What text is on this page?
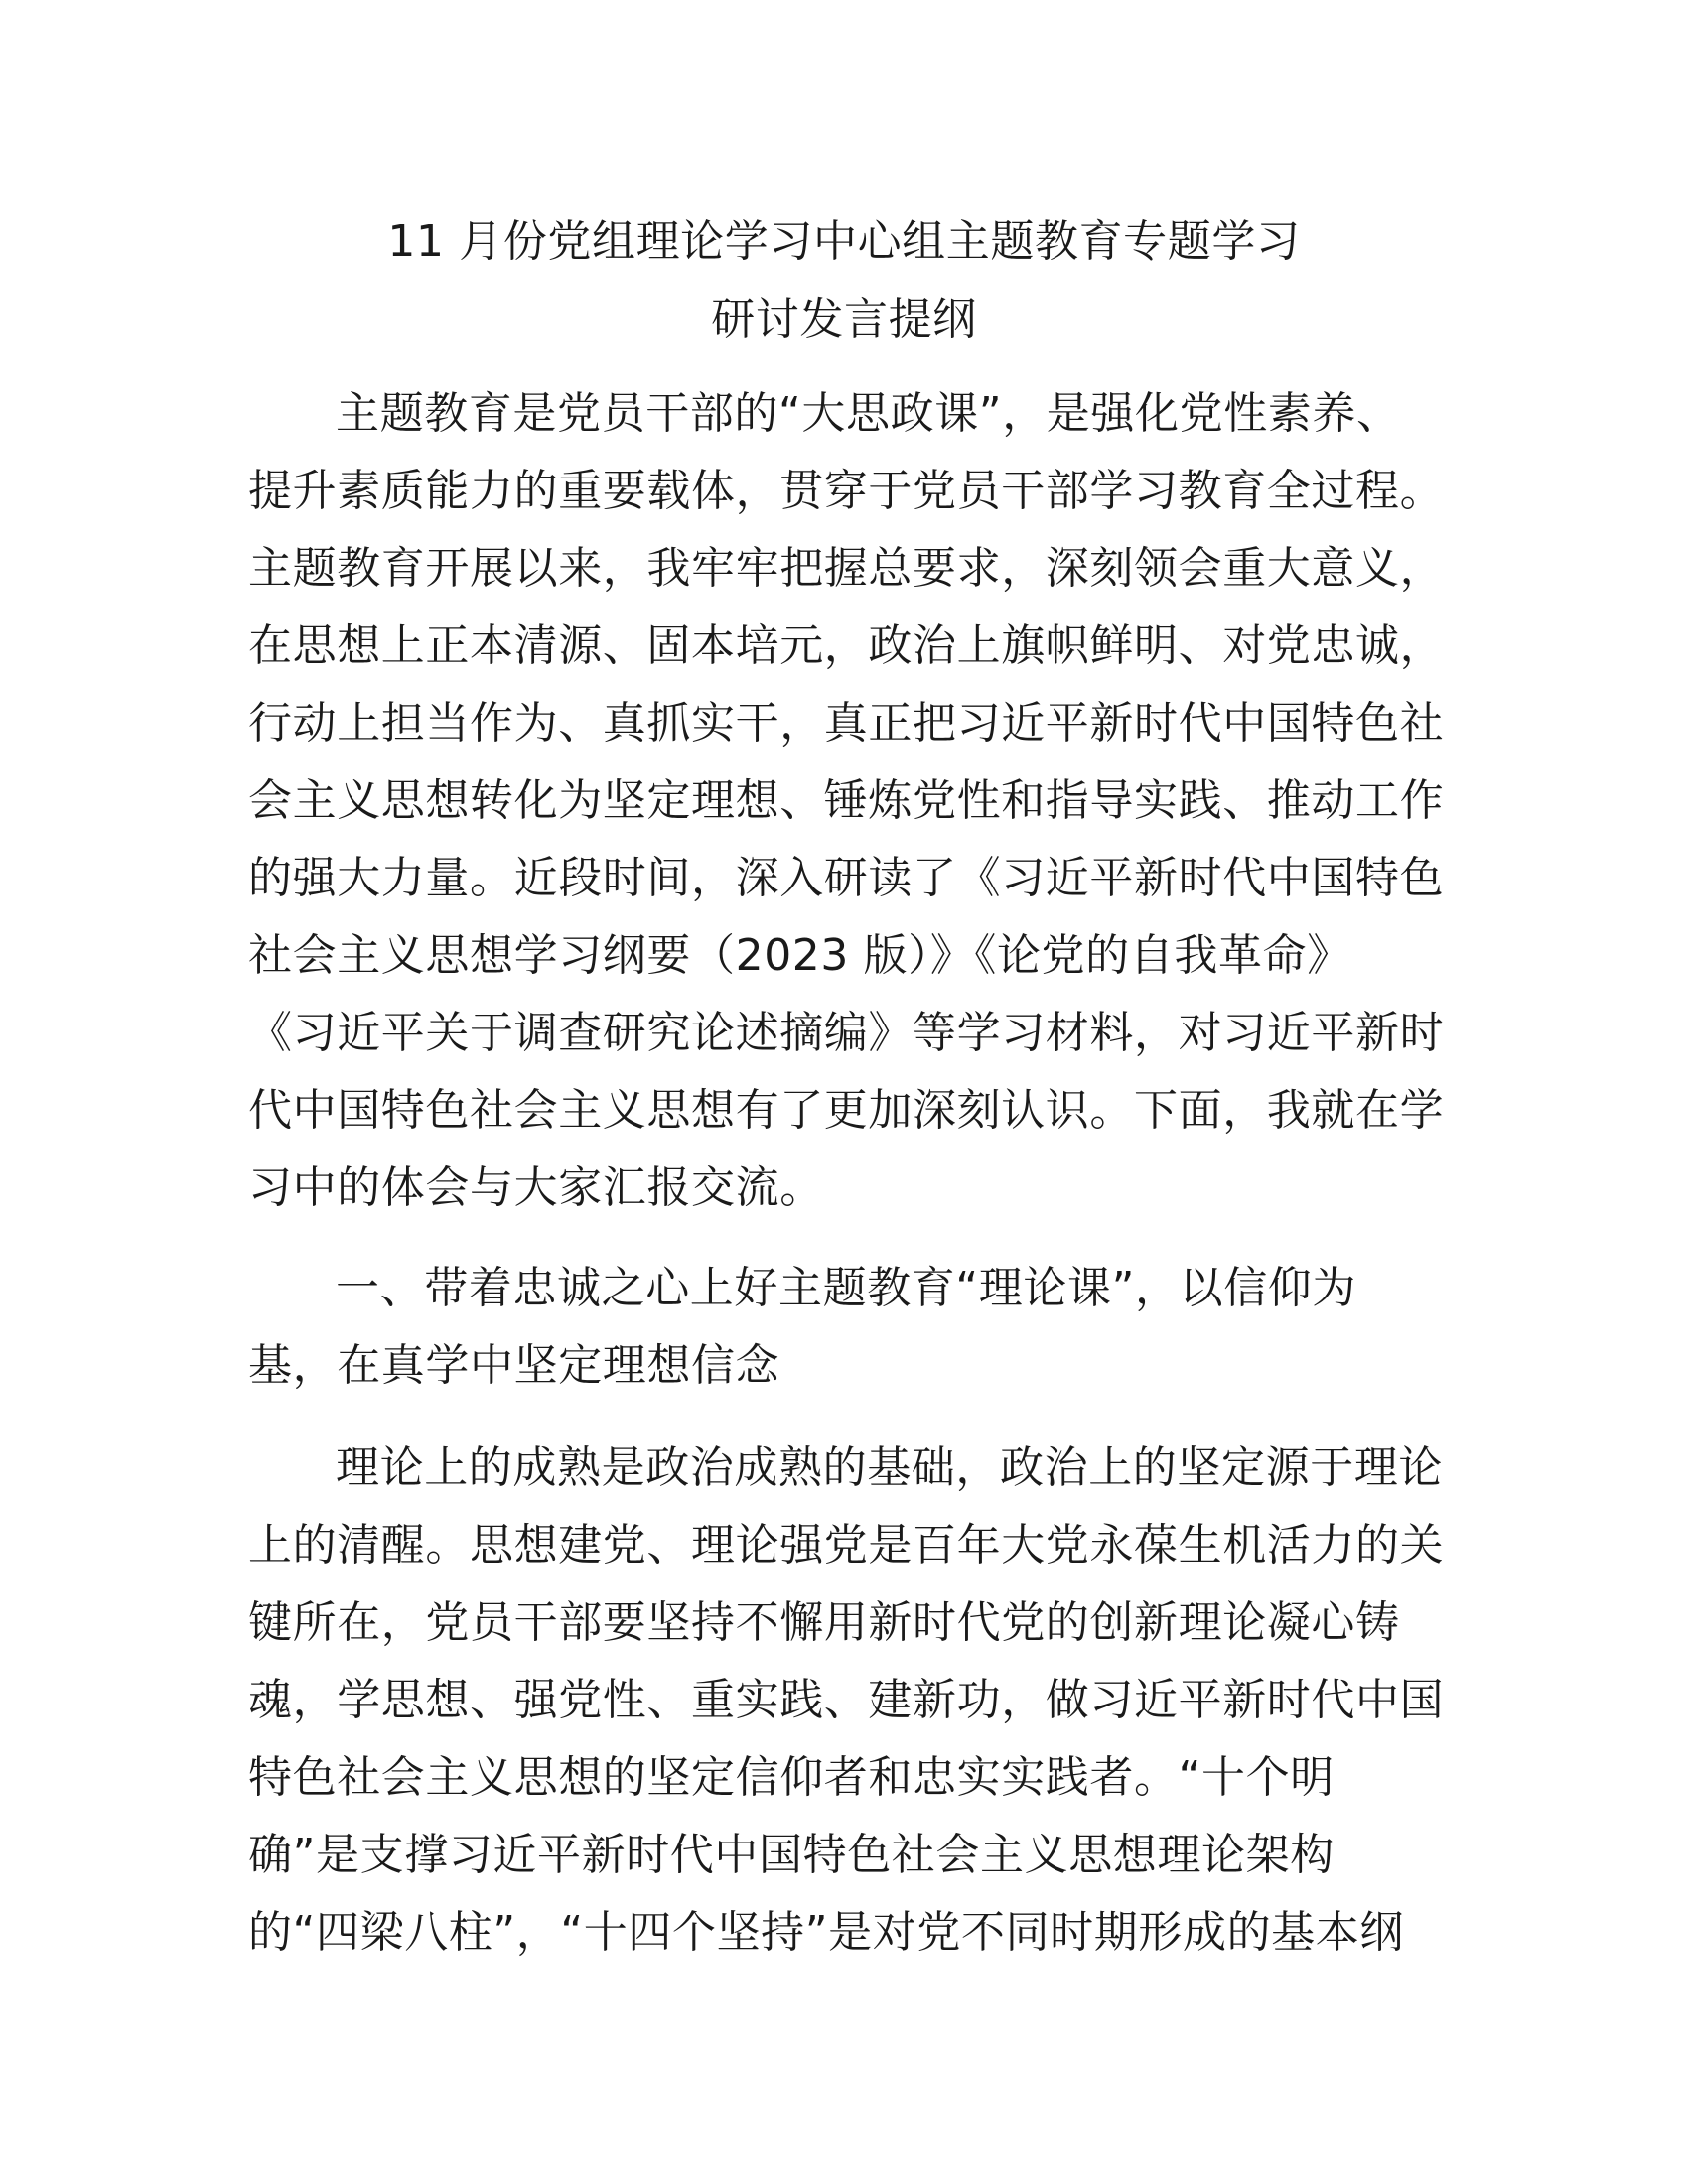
11 月份党组理论学习中心组主题教育专题学习
研讨发言提纲
主题教育是党员干部的“大思政课”，是强化党性素养、
提升素质能力的重要载体，贯穿于党员干部学习教育全过程。
主题教育开展以来，我牢牢把握总要求，深刻领会重大意义，
在思想上正本清源、固本培元，政治上旗帜鲜明、对党忠诚，
行动上担当作为、真抓实干，真正把习近平新时代中国特色社
会主义思想转化为坚定理想、锤炼党性和指导实践、推动工作
的强大力量。近段时间，深入研读了《习近平新时代中国特色
社会主义思想学习纲要（2023 版）》《论党的自我革命》
《习近平关于调查研究论述摘编》等学习材料，对习近平新时
代中国特色社会主义思想有了更加深刻认识。下面，我就在学
习中的体会与大家汇报交流。
一、带着忠诚之心上好主题教育“理论课”，以信仰为
基，在真学中坚定理想信念
理论上的成熟是政治成熟的基础，政治上的坚定源于理论
上的清醒。思想建党、理论强党是百年大党永葆生机活力的关
键所在，党员干部要坚持不懈用新时代党的创新理论凝心铸
魂，学思想、强党性、重实践、建新功，做习近平新时代中国
特色社会主义思想的坚定信仰者和忠实实践者。“十个明
确”是支撑习近平新时代中国特色社会主义思想理论架构
的“四梁八柱”，“十四个坚持”是对党不同时期形成的基本纲
